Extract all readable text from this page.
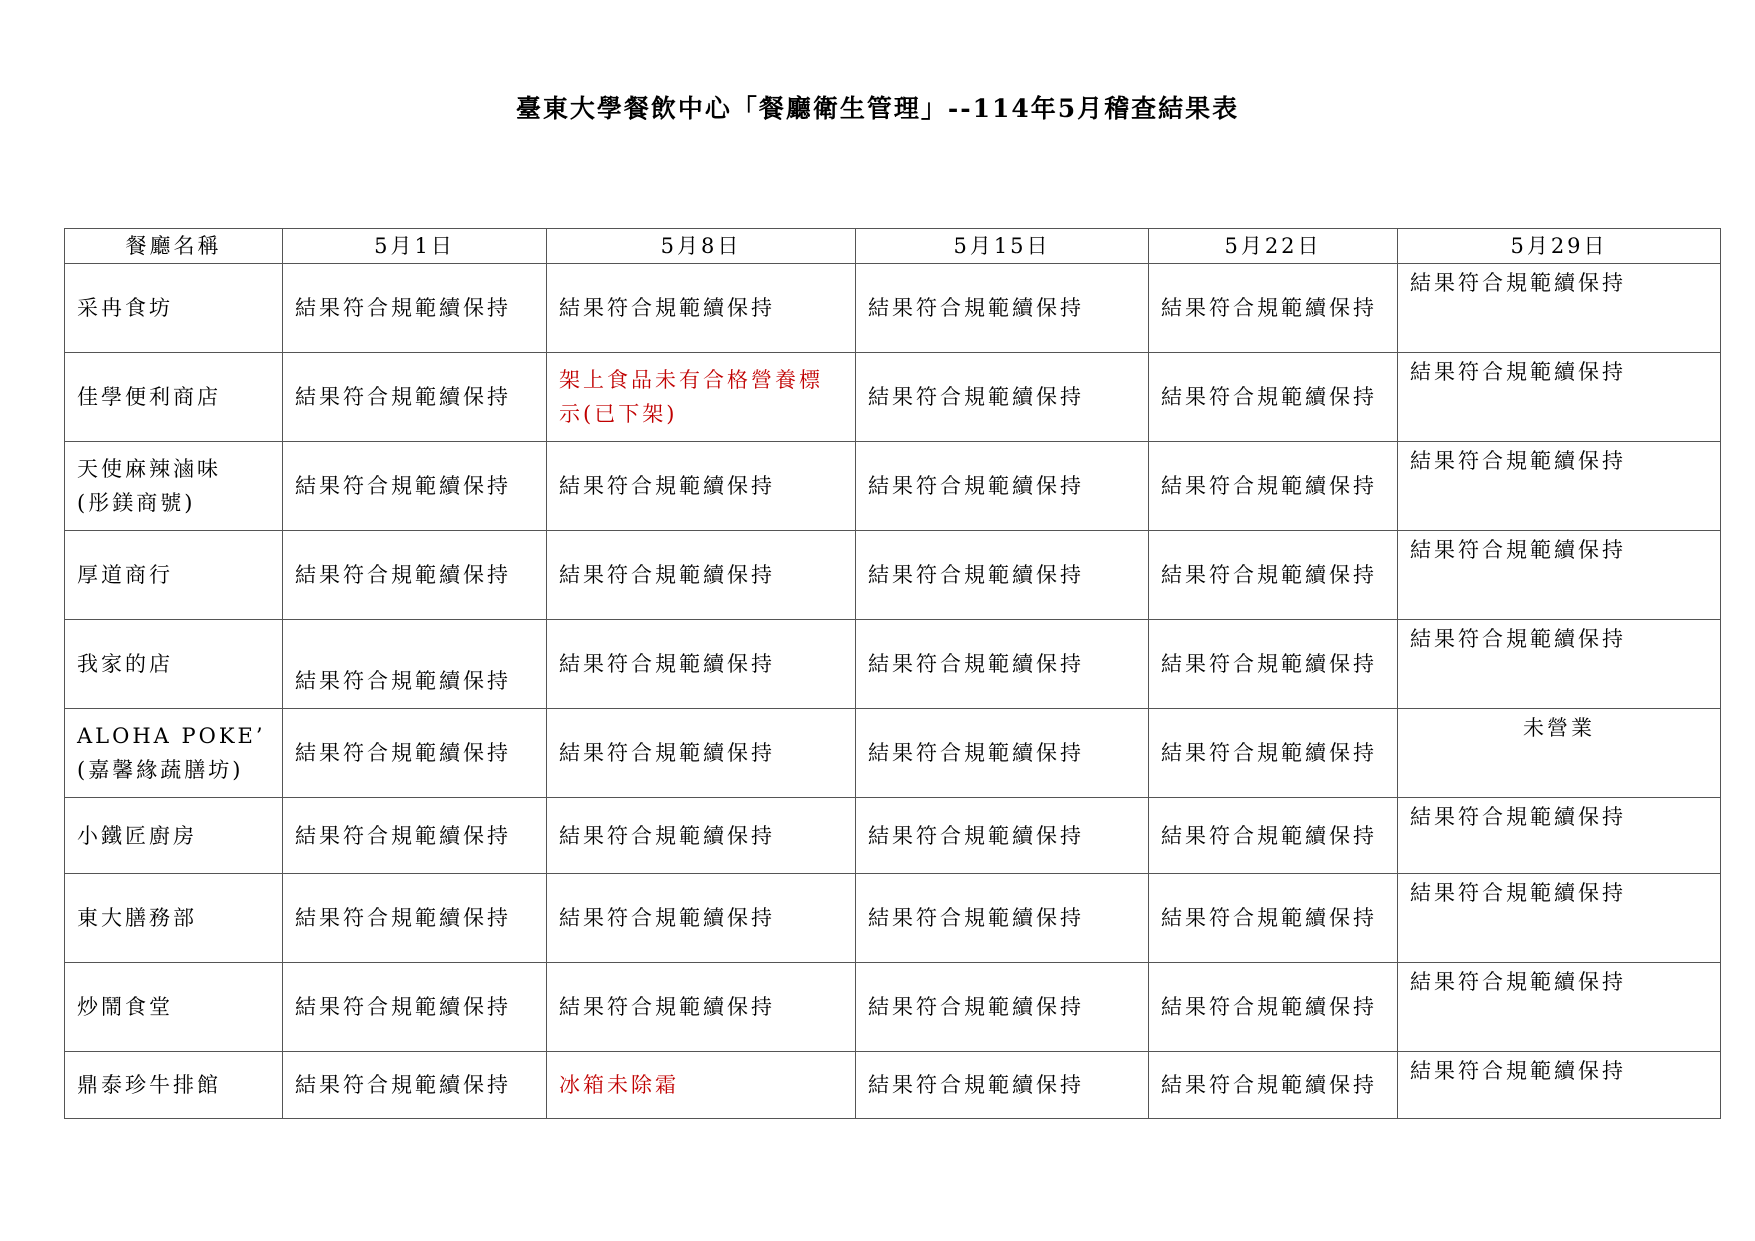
臺東大學餐飲中心「餐廳衛生管理」--114年5月稽查結果表
餐廳名稱	5月1日	5月8日	5月15日	5月22日	5月29日

采冉食坊	結果符合規範續保持	結果符合規範續保持	結果符合規範續保持	結果符合規範續保持	結果符合規範續保持

佳學便利商店	結果符合規範續保持	架上食品未有合格營養標示(已下架)	結果符合規範續保持	結果符合規範續保持	結果符合規範續保持

天使麻辣滷味
(彤鎂商號)	結果符合規範續保持	結果符合規範續保持	結果符合規範續保持	結果符合規範續保持	結果符合規範續保持

厚道商行	結果符合規範續保持	結果符合規範續保持	結果符合規範續保持	結果符合規範續保持	結果符合規範續保持

我家的店	結果符合規範續保持	結果符合規範續保持	結果符合規範續保持	結果符合規範續保持	結果符合規範續保持

ALOHA POKE’
(嘉馨緣蔬膳坊)	結果符合規範續保持	結果符合規範續保持	結果符合規範續保持	結果符合規範續保持	未營業

小鐵匠廚房	結果符合規範續保持	結果符合規範續保持	結果符合規範續保持	結果符合規範續保持	結果符合規範續保持

東大膳務部	結果符合規範續保持	結果符合規範續保持	結果符合規範續保持	結果符合規範續保持	結果符合規範續保持

炒鬧食堂	結果符合規範續保持	結果符合規範續保持	結果符合規範續保持	結果符合規範續保持	結果符合規範續保持

鼎泰珍牛排館	結果符合規範續保持	冰箱未除霜	結果符合規範續保持	結果符合規範續保持	結果符合規範續保持
